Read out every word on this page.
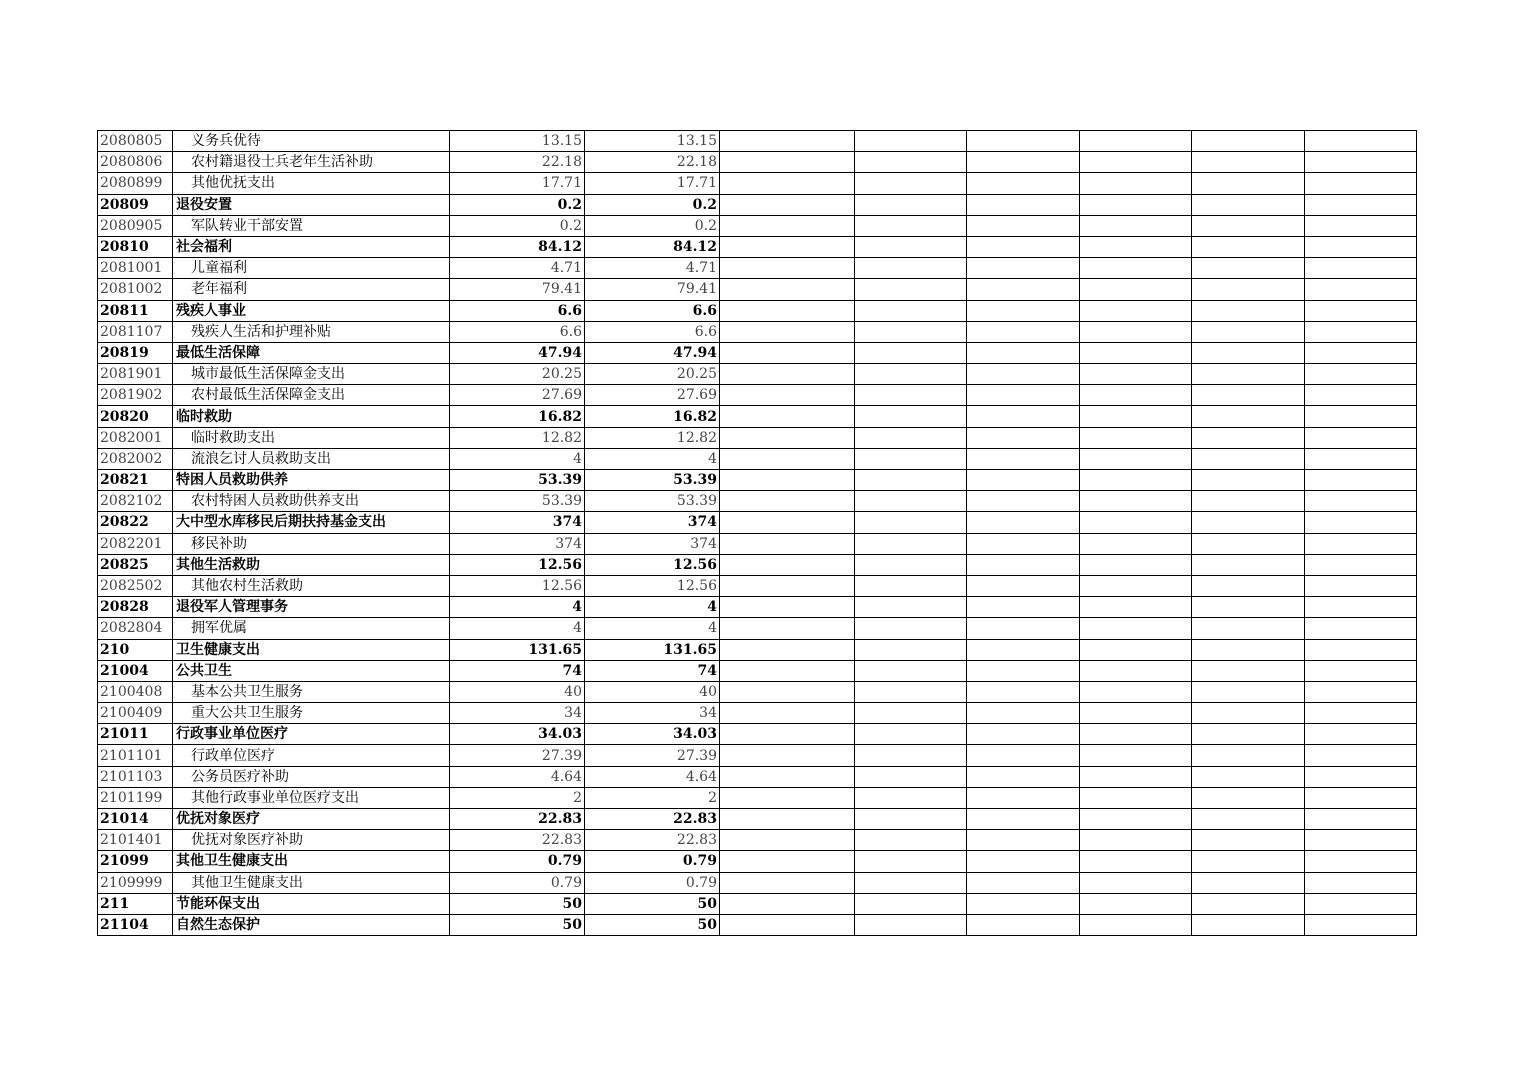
2080805	义务兵优待	13.15	13.15						
2080806	农村籍退役士兵老年生活补助	22.18	22.18						
2080899	其他优抚支出	17.71	17.71						
20809	退役安置	0.2	0.2						
2080905	军队转业干部安置	0.2	0.2						
20810	社会福利	84.12	84.12						
2081001	儿童福利	4.71	4.71						
2081002	老年福利	79.41	79.41						
20811	残疾人事业	6.6	6.6						
2081107	残疾人生活和护理补贴	6.6	6.6						
20819	最低生活保障	47.94	47.94						
2081901	城市最低生活保障金支出	20.25	20.25						
2081902	农村最低生活保障金支出	27.69	27.69						
20820	临时救助	16.82	16.82						
2082001	临时救助支出	12.82	12.82						
2082002	流浪乞讨人员救助支出	4	4						
20821	特困人员救助供养	53.39	53.39						
2082102	农村特困人员救助供养支出	53.39	53.39						
20822	大中型水库移民后期扶持基金支出	374	374						
2082201	移民补助	374	374						
20825	其他生活救助	12.56	12.56						
2082502	其他农村生活救助	12.56	12.56						
20828	退役军人管理事务	4	4						
2082804	拥军优属	4	4						
210	卫生健康支出	131.65	131.65						
21004	公共卫生	74	74						
2100408	基本公共卫生服务	40	40						
2100409	重大公共卫生服务	34	34						
21011	行政事业单位医疗	34.03	34.03						
2101101	行政单位医疗	27.39	27.39						
2101103	公务员医疗补助	4.64	4.64						
2101199	其他行政事业单位医疗支出	2	2						
21014	优抚对象医疗	22.83	22.83						
2101401	优抚对象医疗补助	22.83	22.83						
21099	其他卫生健康支出	0.79	0.79						
2109999	其他卫生健康支出	0.79	0.79						
211	节能环保支出	50	50						
21104	自然生态保护	50	50						
